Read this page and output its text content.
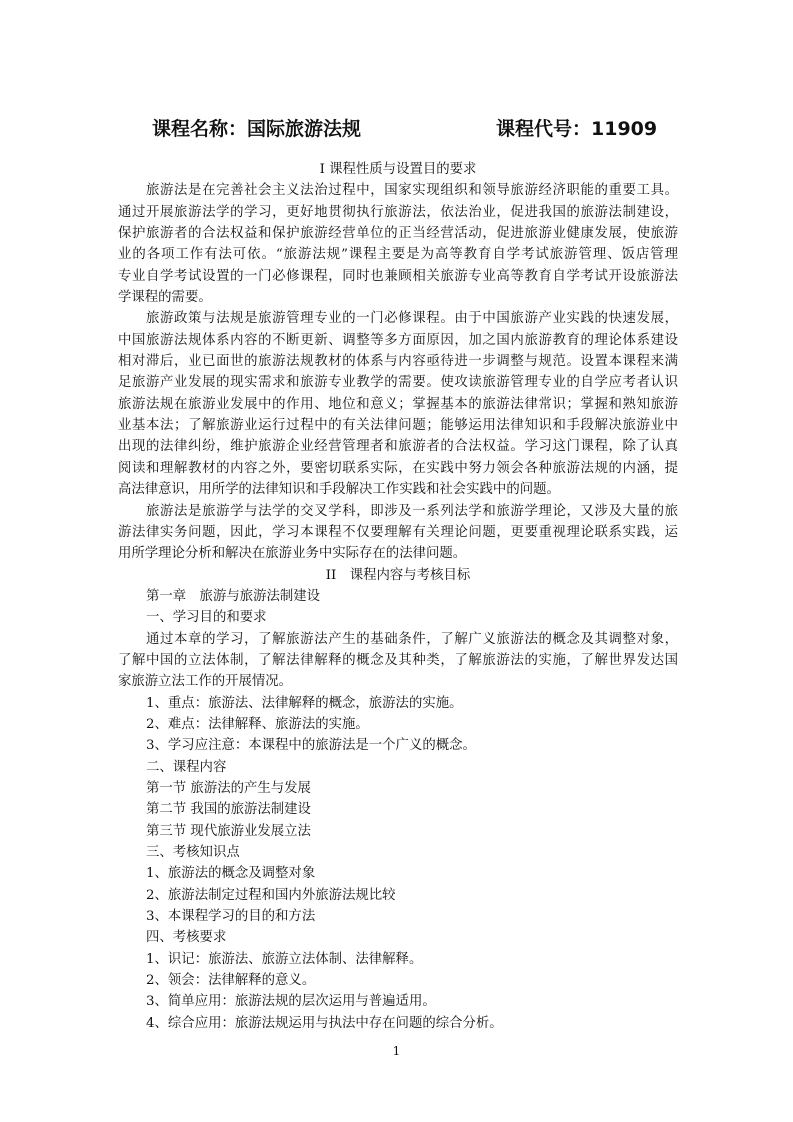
课程名称：国际旅游法规	课程代号：11909
I 课程性质与设置目的要求
旅游法是在完善社会主义法治过程中，国家实现组织和领导旅游经济职能的重要工具。
通过开展旅游法学的学习，更好地贯彻执行旅游法，依法治业，促进我国的旅游法制建设，
保护旅游者的合法权益和保护旅游经营单位的正当经营活动，促进旅游业健康发展，使旅游
业的各项工作有法可依。“旅游法规”课程主要是为高等教育自学考试旅游管理、饭店管理
专业自学考试设置的一门必修课程，同时也兼顾相关旅游专业高等教育自学考试开设旅游法
学课程的需要。
旅游政策与法规是旅游管理专业的一门必修课程。由于中国旅游产业实践的快速发展，
中国旅游法规体系内容的不断更新、调整等多方面原因，加之国内旅游教育的理论体系建设
相对滞后，业已面世的旅游法规教材的体系与内容亟待进一步调整与规范。设置本课程来满
足旅游产业发展的现实需求和旅游专业教学的需要。使攻读旅游管理专业的自学应考者认识
旅游法规在旅游业发展中的作用、地位和意义；掌握基本的旅游法律常识；掌握和熟知旅游
业基本法；了解旅游业运行过程中的有关法律问题；能够运用法律知识和手段解决旅游业中
出现的法律纠纷，维护旅游企业经营管理者和旅游者的合法权益。学习这门课程，除了认真
阅读和理解教材的内容之外，要密切联系实际，在实践中努力领会各种旅游法规的内涵，提
高法律意识，用所学的法律知识和手段解决工作实践和社会实践中的问题。
旅游法是旅游学与法学的交叉学科，即涉及一系列法学和旅游学理论，又涉及大量的旅
游法律实务问题，因此，学习本课程不仅要理解有关理论问题，更要重视理论联系实践，运
用所学理论分析和解决在旅游业务中实际存在的法律问题。
II　课程内容与考核目标
第一章　旅游与旅游法制建设
一、学习目的和要求
通过本章的学习，了解旅游法产生的基础条件，了解广义旅游法的概念及其调整对象，
了解中国的立法体制，了解法律解释的概念及其种类，了解旅游法的实施，了解世界发达国
家旅游立法工作的开展情况。
1、重点：旅游法、法律解释的概念，旅游法的实施。
2、难点：法律解释、旅游法的实施。
3、学习应注意：本课程中的旅游法是一个广义的概念。
二、课程内容
第一节 旅游法的产生与发展
第二节 我国的旅游法制建设
第三节 现代旅游业发展立法
三、考核知识点
1、旅游法的概念及调整对象
2、旅游法制定过程和国内外旅游法规比较
3、本课程学习的目的和方法
四、考核要求
1、识记：旅游法、旅游立法体制、法律解释。
2、领会：法律解释的意义。
3、简单应用：旅游法规的层次运用与普遍适用。
4、综合应用：旅游法规运用与执法中存在问题的综合分析。
1
